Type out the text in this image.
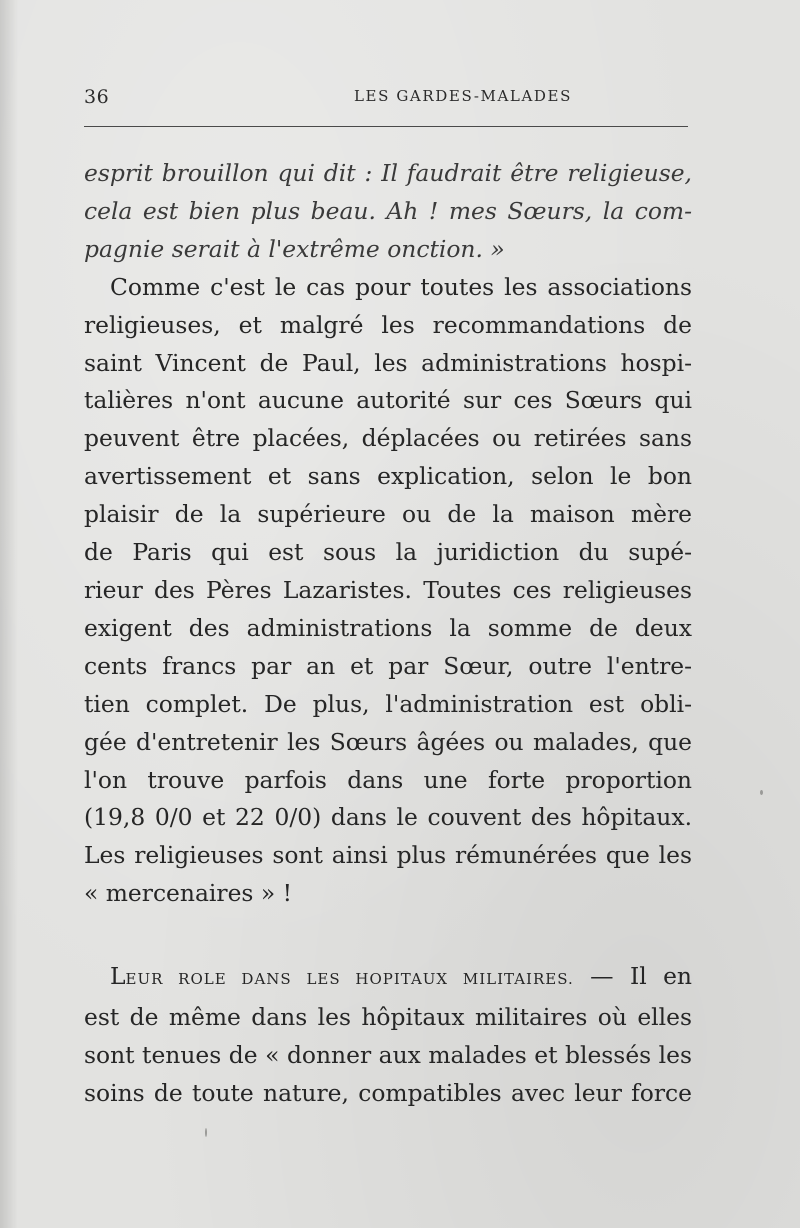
36	LES GARDES-MALADES
esprit brouillon qui dit : Il faudrait être religieuse,
cela est bien plus beau. Ah ! mes Sœurs, la com-
pagnie serait à l'extrême onction. »
Comme c'est le cas pour toutes les associations
religieuses, et malgré les recommandations de
saint Vincent de Paul, les administrations hospi-
talières n'ont aucune autorité sur ces Sœurs qui
peuvent être placées, déplacées ou retirées sans
avertissement et sans explication, selon le bon
plaisir de la supérieure ou de la maison mère
de Paris qui est sous la juridiction du supé-
rieur des Pères Lazaristes. Toutes ces religieuses
exigent des administrations la somme de deux
cents francs par an et par Sœur, outre l'entre-
tien complet. De plus, l'administration est obli-
gée d'entretenir les Sœurs âgées ou malades, que
l'on trouve parfois dans une forte proportion
(19,8 0/0 et 22 0/0) dans le couvent des hôpitaux.
Les religieuses sont ainsi plus rémunérées que les
« mercenaires » !
LEUR ROLE DANS LES HOPITAUX MILITAIRES. — Il en
est de même dans les hôpitaux militaires où elles
sont tenues de « donner aux malades et blessés les
soins de toute nature, compatibles avec leur force
